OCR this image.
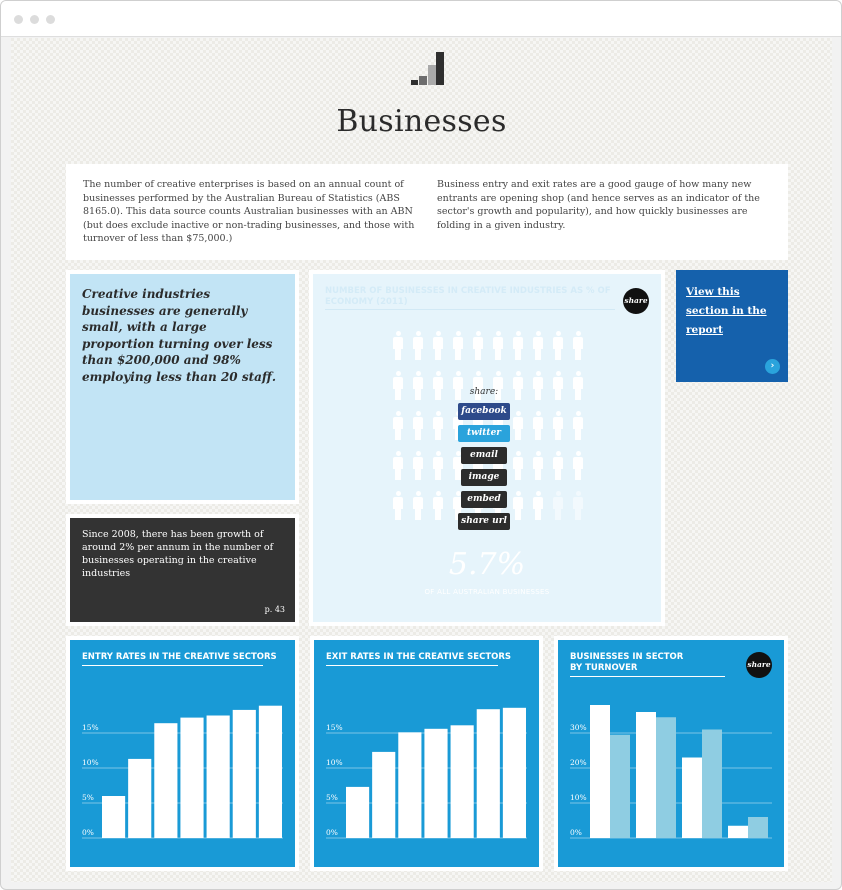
Businesses

The number of creative enterprises is based on an annual count of businesses performed by the Australian Bureau of Statistics (ABS 8165.0). This data source counts Australian businesses with an ABN (but does exclude inactive or non-trading businesses, and those with turnover of less than $75,000.)

Business entry and exit rates are a good gauge of how many new entrants are opening shop (and hence serves as an indicator of the sector's growth and popularity), and how quickly businesses are folding in a given industry.

Creative industries businesses are generally small, with a large proportion turning over less than $200,000 and 98% employing less than 20 staff.

Since 2008, there has been growth of around 2% per annum in the number of businesses operating in the creative industries

p. 43
NUMBER OF BUSINESSES IN CREATIVE INDUSTRIES AS % OF ECONOMY (2011)	share
5.7%
OF ALL AUSTRALIAN BUSINESSES
share:
facebook
twitter
email
image
embed
share url
View this section in the report
›
ENTRY RATES IN THE CREATIVE SECTORS
0%
5%
10%
15%
EXIT RATES IN THE CREATIVE SECTORS
0%
5%
10%
15%
BUSINESSES IN SECTOR BY TURNOVER	share
0%
10%
20%
30%
